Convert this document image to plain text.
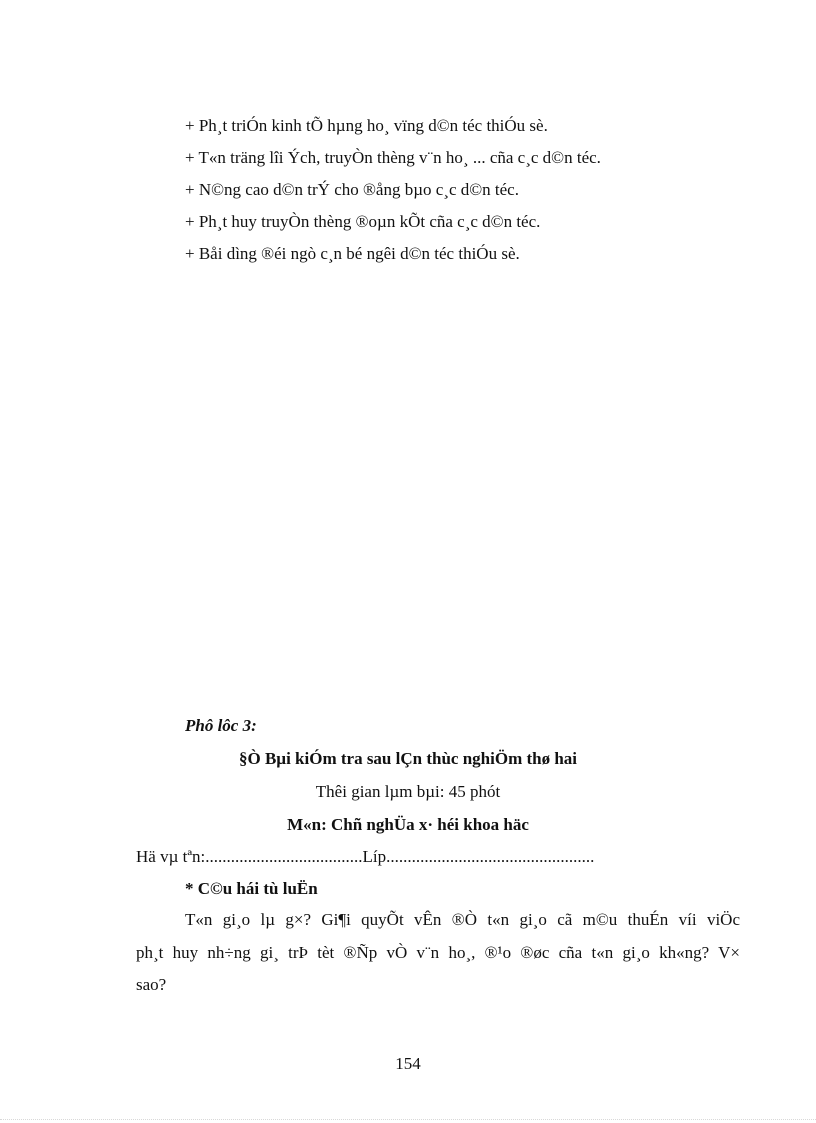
+ Ph¸t triÓn kinh tÕ hµng ho¸ vïng d©n téc thiÓu sè.
+ T«n träng lîi Ých, truyÒn thèng v¨n ho¸ ... cña c¸c d©n téc.
+ N©ng cao d©n trÝ cho ®ång bµo c¸c d©n téc.
+ Ph¸t huy truyÒn thèng ®oµn kÕt cña c¸c d©n téc.
+ Båi dìng ®éi ngò c¸n bé ngêi d©n téc thiÓu sè.
Phô lôc 3:
§Ò Bµi kiÓm tra sau lÇn thùc nghiÖm thø hai
Thêi gian lµm bµi: 45 phót
M«n: Chñ nghÜa x· héi khoa häc
Hä vµ tªn:.....................................Líp.................................................
* C©u hái tù luËn
T«n gi¸o lµ g×? Gi¶i quyÕt vÊn ®Ò t«n gi¸o cã m©u thuÉn víi viÖc
ph¸t huy nh÷ng gi¸ trÞ tèt ®Ñp vÒ v¨n ho¸, ®¹o ®øc cña t«n gi¸o kh«ng? V×
sao?
154
